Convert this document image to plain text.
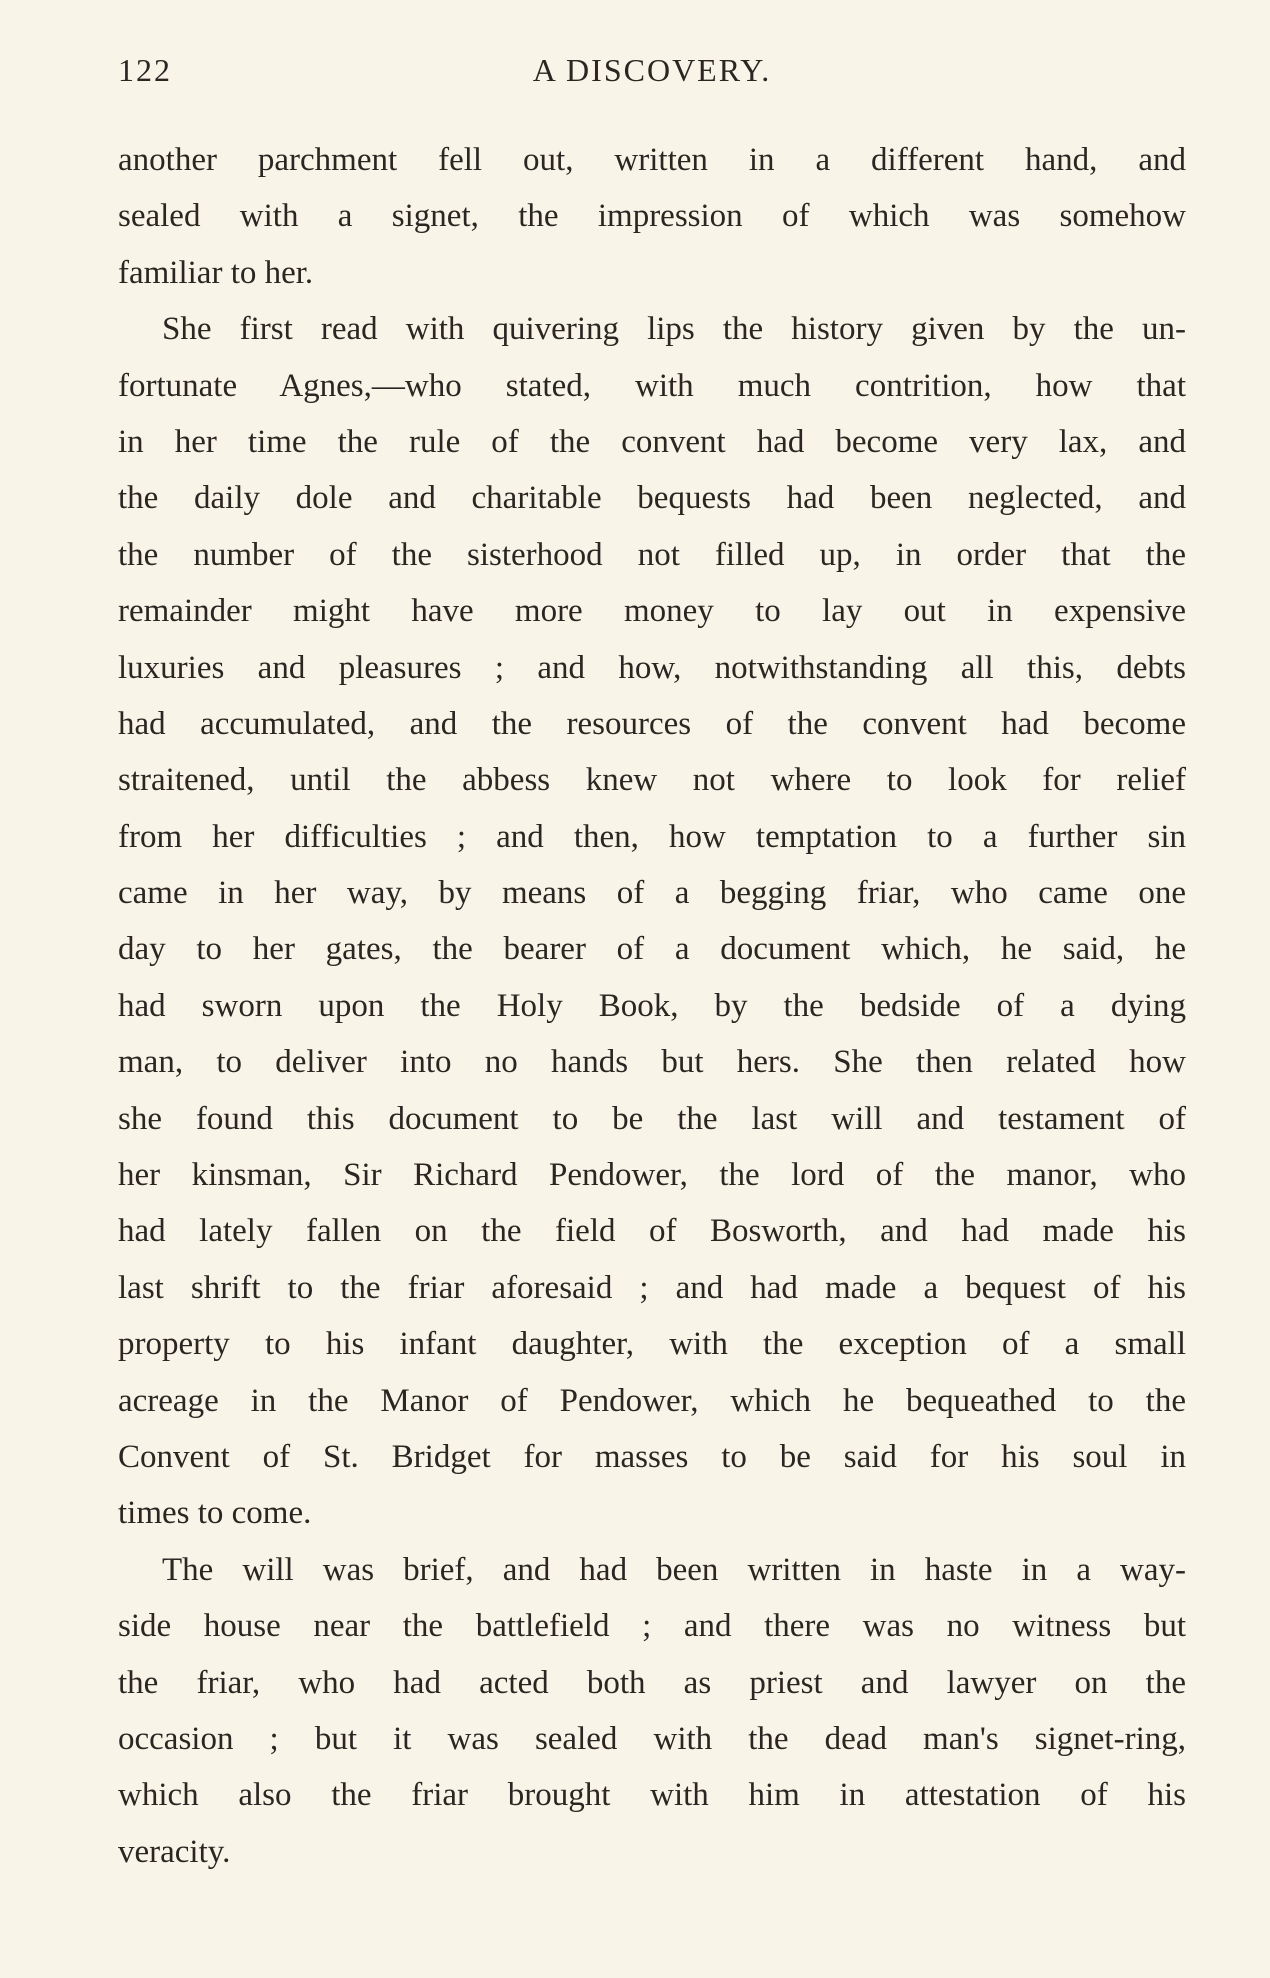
122	A DISCOVERY.
another parchment fell out, written in a different hand, and
sealed with a signet, the impression of which was somehow
familiar to her.
She first read with quivering lips the history given by the un-
fortunate Agnes,—who stated, with much contrition, how that
in her time the rule of the convent had become very lax, and
the daily dole and charitable bequests had been neglected, and
the number of the sisterhood not filled up, in order that the
remainder might have more money to lay out in expensive
luxuries and pleasures ; and how, notwithstanding all this, debts
had accumulated, and the resources of the convent had become
straitened, until the abbess knew not where to look for relief
from her difficulties ; and then, how temptation to a further sin
came in her way, by means of a begging friar, who came one
day to her gates, the bearer of a document which, he said, he
had sworn upon the Holy Book, by the bedside of a dying
man, to deliver into no hands but hers. She then related how
she found this document to be the last will and testament of
her kinsman, Sir Richard Pendower, the lord of the manor, who
had lately fallen on the field of Bosworth, and had made his
last shrift to the friar aforesaid ; and had made a bequest of his
property to his infant daughter, with the exception of a small
acreage in the Manor of Pendower, which he bequeathed to the
Convent of St. Bridget for masses to be said for his soul in
times to come.
The will was brief, and had been written in haste in a way-
side house near the battlefield ; and there was no witness but
the friar, who had acted both as priest and lawyer on the
occasion ; but it was sealed with the dead man's signet-ring,
which also the friar brought with him in attestation of his
veracity.
